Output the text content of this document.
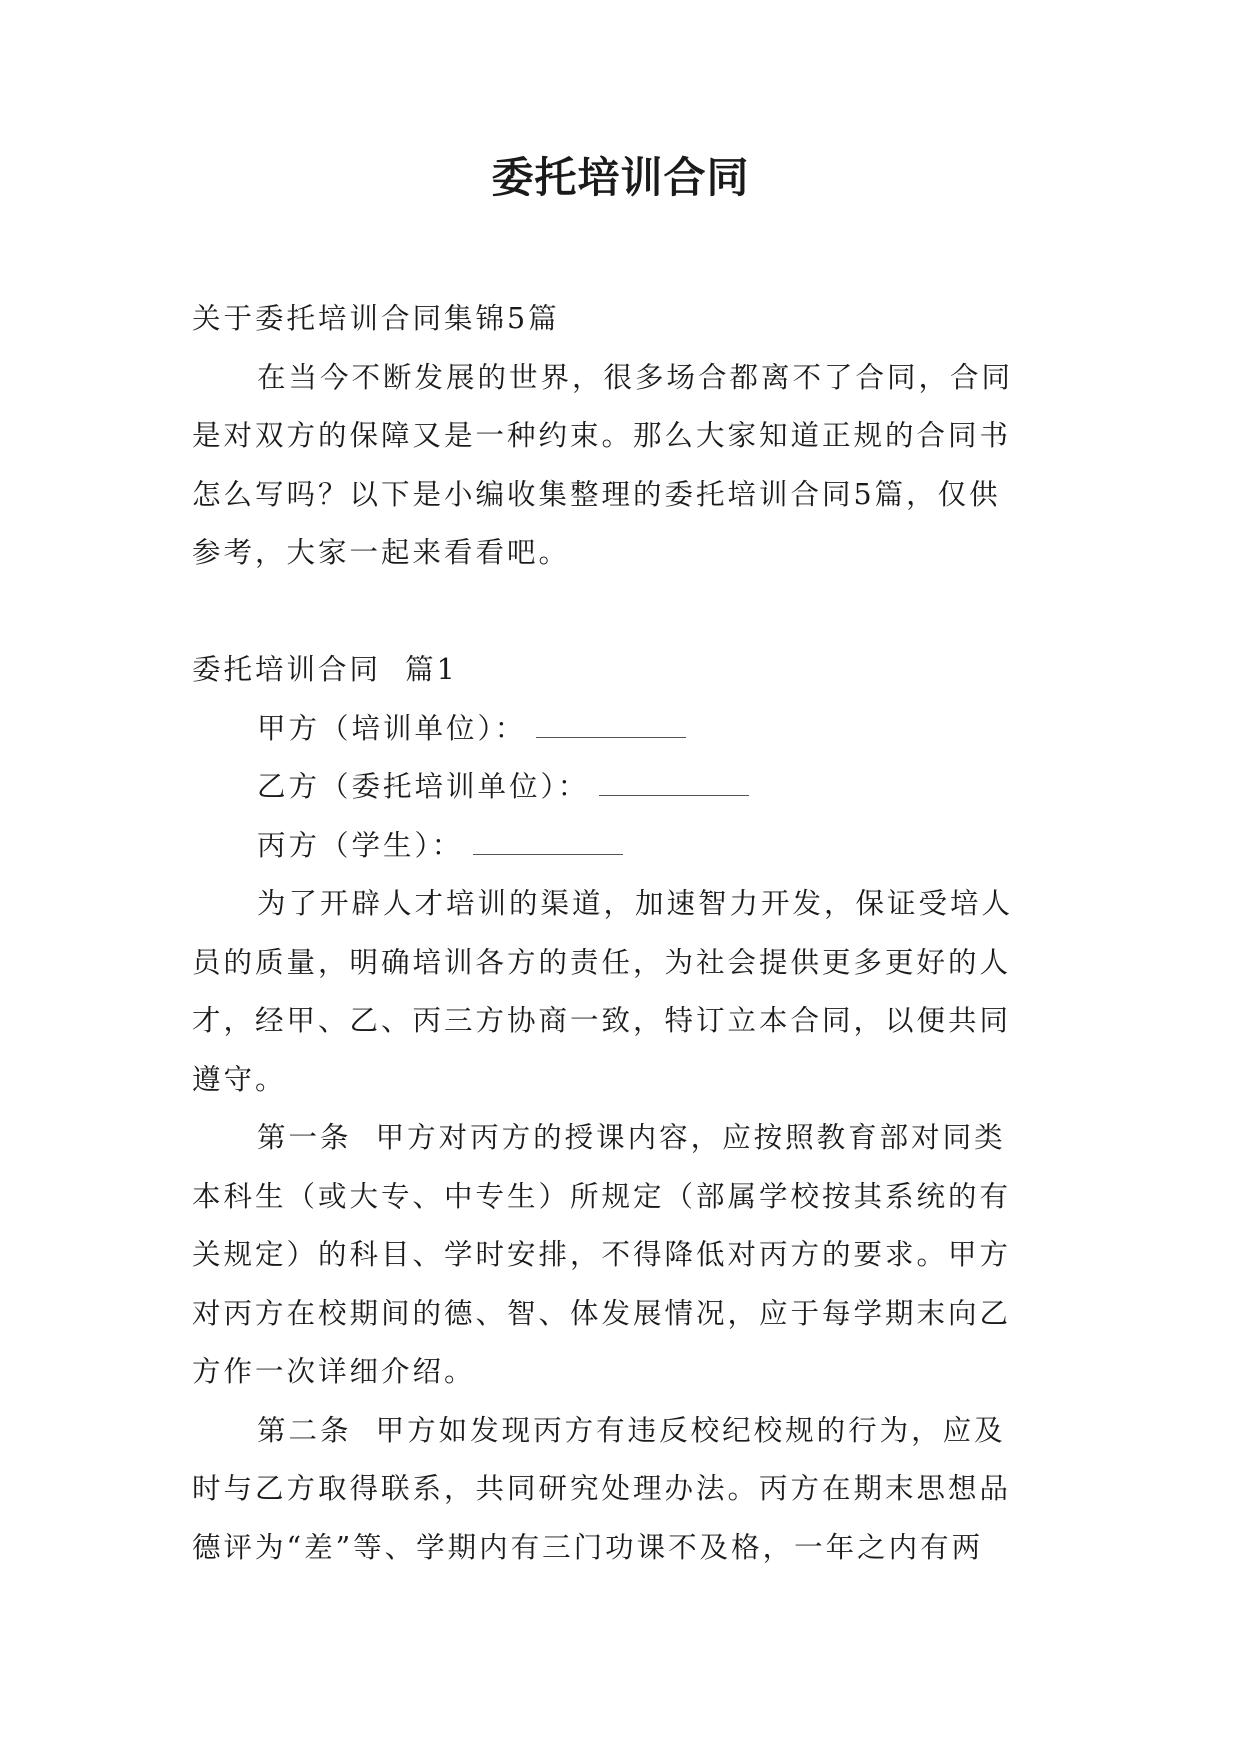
委托培训合同
关于委托培训合同集锦5篇
在当今不断发展的世界，很多场合都离不了合同，合同
是对双方的保障又是一种约束。那么大家知道正规的合同书
怎么写吗？以下是小编收集整理的委托培训合同5篇，仅供
参考，大家一起来看看吧。
委托培训合同  篇1
甲方（培训单位）：
乙方（委托培训单位）：
丙方（学生）：
为了开辟人才培训的渠道，加速智力开发，保证受培人
员的质量，明确培训各方的责任，为社会提供更多更好的人
才，经甲、乙、丙三方协商一致，特订立本合同，以便共同
遵守。
第一条  甲方对丙方的授课内容，应按照教育部对同类
本科生（或大专、中专生）所规定（部属学校按其系统的有
关规定）的科目、学时安排，不得降低对丙方的要求。甲方
对丙方在校期间的德、智、体发展情况，应于每学期末向乙
方作一次详细介绍。
第二条  甲方如发现丙方有违反校纪校规的行为，应及
时与乙方取得联系，共同研究处理办法。丙方在期末思想品
德评为“差”等、学期内有三门功课不及格，一年之内有两
